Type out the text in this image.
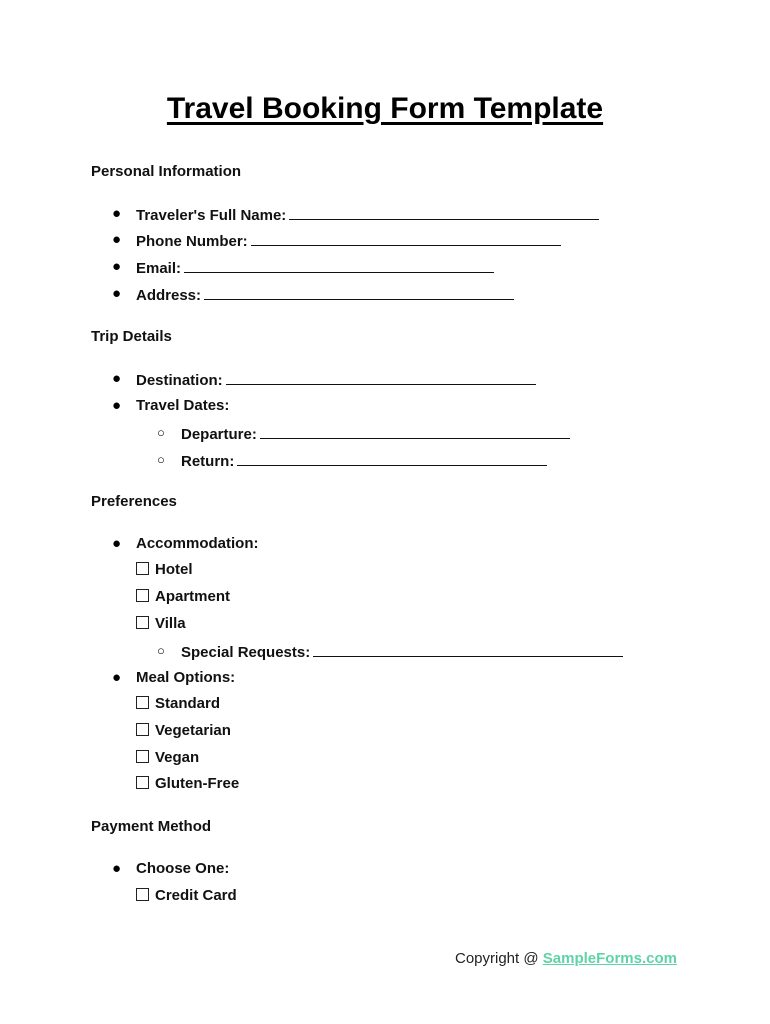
Travel Booking Form Template
Personal Information
● Traveler's Full Name:
● Phone Number:
● Email:
● Address:
Trip Details
● Destination:
● Travel Dates:
○ Departure:
○ Return:
Preferences
● Accommodation:
Hotel
Apartment
Villa
○ Special Requests:
● Meal Options:
Standard
Vegetarian
Vegan
Gluten-Free
Payment Method
● Choose One:
Credit Card
Copyright @ SampleForms.com
